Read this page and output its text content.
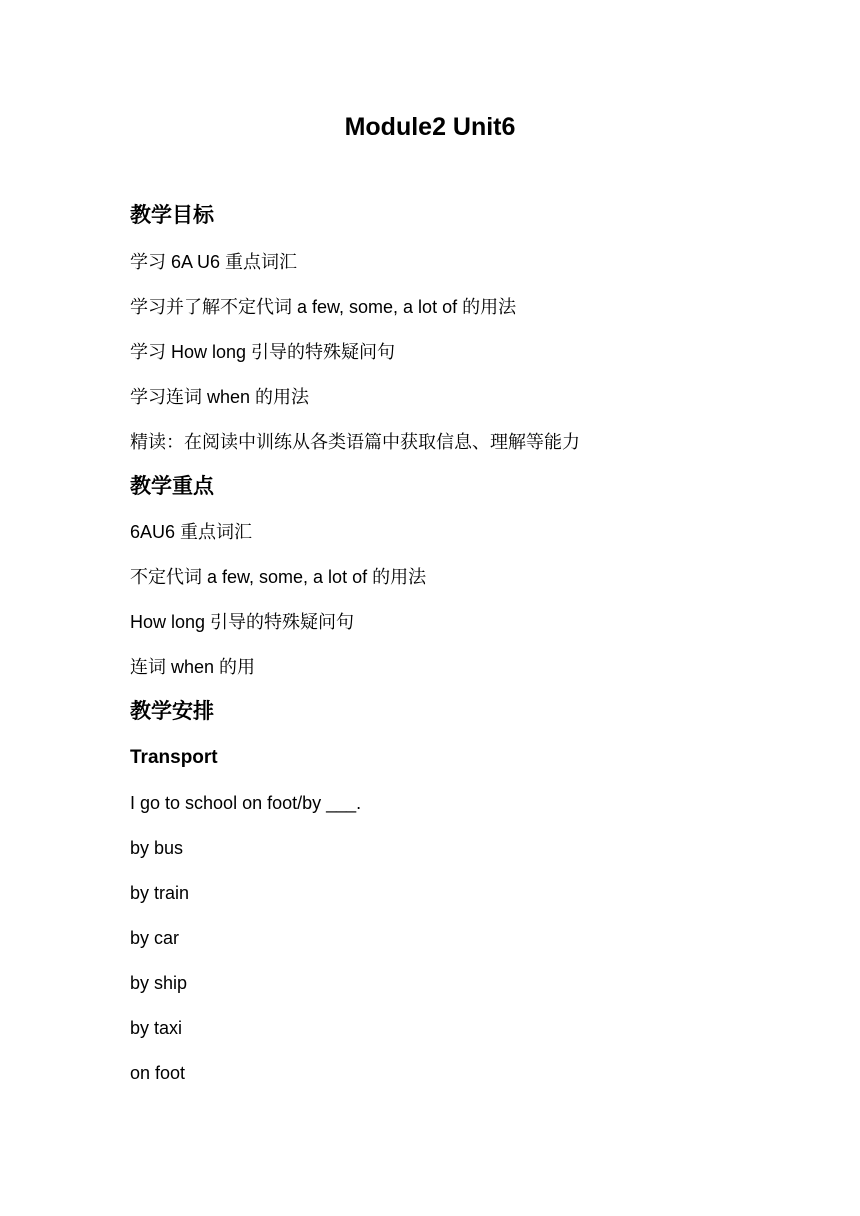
Module2 Unit6
教学目标
学习 6A U6 重点词汇
学习并了解不定代词 a few, some, a lot of 的用法
学习 How long 引导的特殊疑问句
学习连词 when 的用法
精读：在阅读中训练从各类语篇中获取信息、理解等能力
教学重点
6AU6 重点词汇
不定代词 a few, some, a lot of 的用法
How long 引导的特殊疑问句
连词 when 的用
教学安排
Transport
I go to school on foot/by ___.
by bus
by train
by car
by ship
by taxi
on foot
